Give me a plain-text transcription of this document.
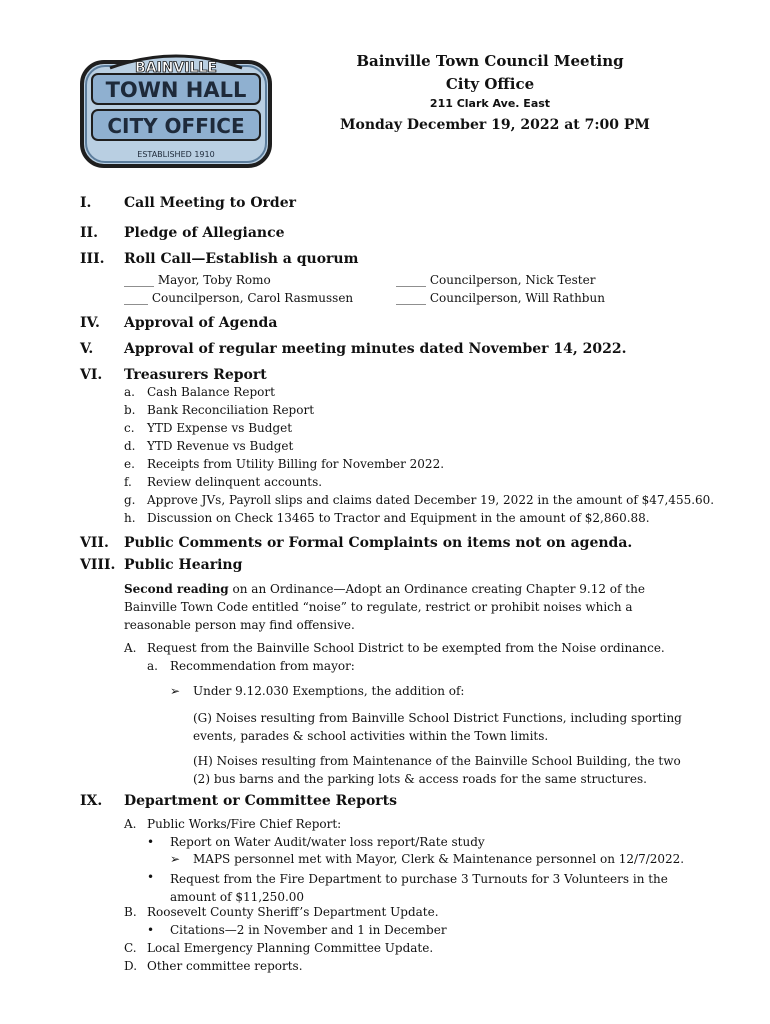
BAINVILLE
TOWN HALL
CITY OFFICE
ESTABLISHED 1910
Bainville Town Council Meeting
City Office
211 Clark Ave. East
Monday December 19, 2022 at 7:00 PM
I. Call Meeting to Order
II. Pledge of Allegiance
III. Roll Call—Establish a quorum
_____ Mayor, Toby Romo
____ Councilperson, Carol Rasmussen
_____ Councilperson, Nick Tester
_____ Councilperson, Will Rathbun
IV. Approval of Agenda
V. Approval of regular meeting minutes dated November 14, 2022.
VI. Treasurers Report
a. Cash Balance Report
b. Bank Reconciliation Report
c. YTD Expense vs Budget
d. YTD Revenue vs Budget
e. Receipts from Utility Billing for November 2022.
f. Review delinquent accounts.
g. Approve JVs, Payroll slips and claims dated December 19, 2022 in the amount of $47,455.60.
h. Discussion on Check 13465 to Tractor and Equipment in the amount of $2,860.88.
VII. Public Comments or Formal Complaints on items not on agenda.
VIII. Public Hearing
Second reading on an Ordinance—Adopt an Ordinance creating Chapter 9.12 of the Bainville Town Code entitled “noise” to regulate, restrict or prohibit noises which a reasonable person may find offensive.
A. Request from the Bainville School District to be exempted from the Noise ordinance.
a. Recommendation from mayor:
➢ Under 9.12.030 Exemptions, the addition of:
(G) Noises resulting from Bainville School District Functions, including sporting events, parades & school activities within the Town limits.
(H) Noises resulting from Maintenance of the Bainville School Building, the two (2) bus barns and the parking lots & access roads for the same structures.
IX. Department or Committee Reports
A. Public Works/Fire Chief Report:
• Report on Water Audit/water loss report/Rate study
➢ MAPS personnel met with Mayor, Clerk & Maintenance personnel on 12/7/2022.
• Request from the Fire Department to purchase 3 Turnouts for 3 Volunteers in the amount of $11,250.00
B. Roosevelt County Sheriff’s Department Update.
• Citations—2 in November and 1 in December
C. Local Emergency Planning Committee Update.
D. Other committee reports.
